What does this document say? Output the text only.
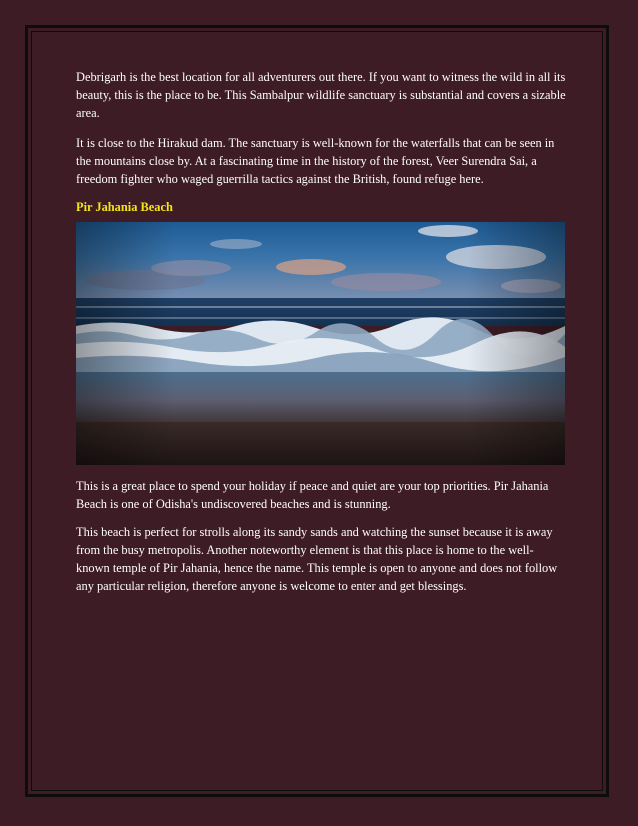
Debrigarh is the best location for all adventurers out there. If you want to witness the wild in all its beauty, this is the place to be. This Sambalpur wildlife sanctuary is substantial and covers a sizable area.

It is close to the Hirakud dam. The sanctuary is well-known for the waterfalls that can be seen in the mountains close by. At a fascinating time in the history of the forest, Veer Surendra Sai, a freedom fighter who waged guerrilla tactics against the British, found refuge here.

Pir Jahania Beach

This is a great place to spend your holiday if peace and quiet are your top priorities. Pir Jahania Beach is one of Odisha's undiscovered beaches and is stunning.

This beach is perfect for strolls along its sandy sands and watching the sunset because it is away from the busy metropolis. Another noteworthy element is that this place is home to the well-known temple of Pir Jahania, hence the name. This temple is open to anyone and does not follow any particular religion, therefore anyone is welcome to enter and get blessings.
